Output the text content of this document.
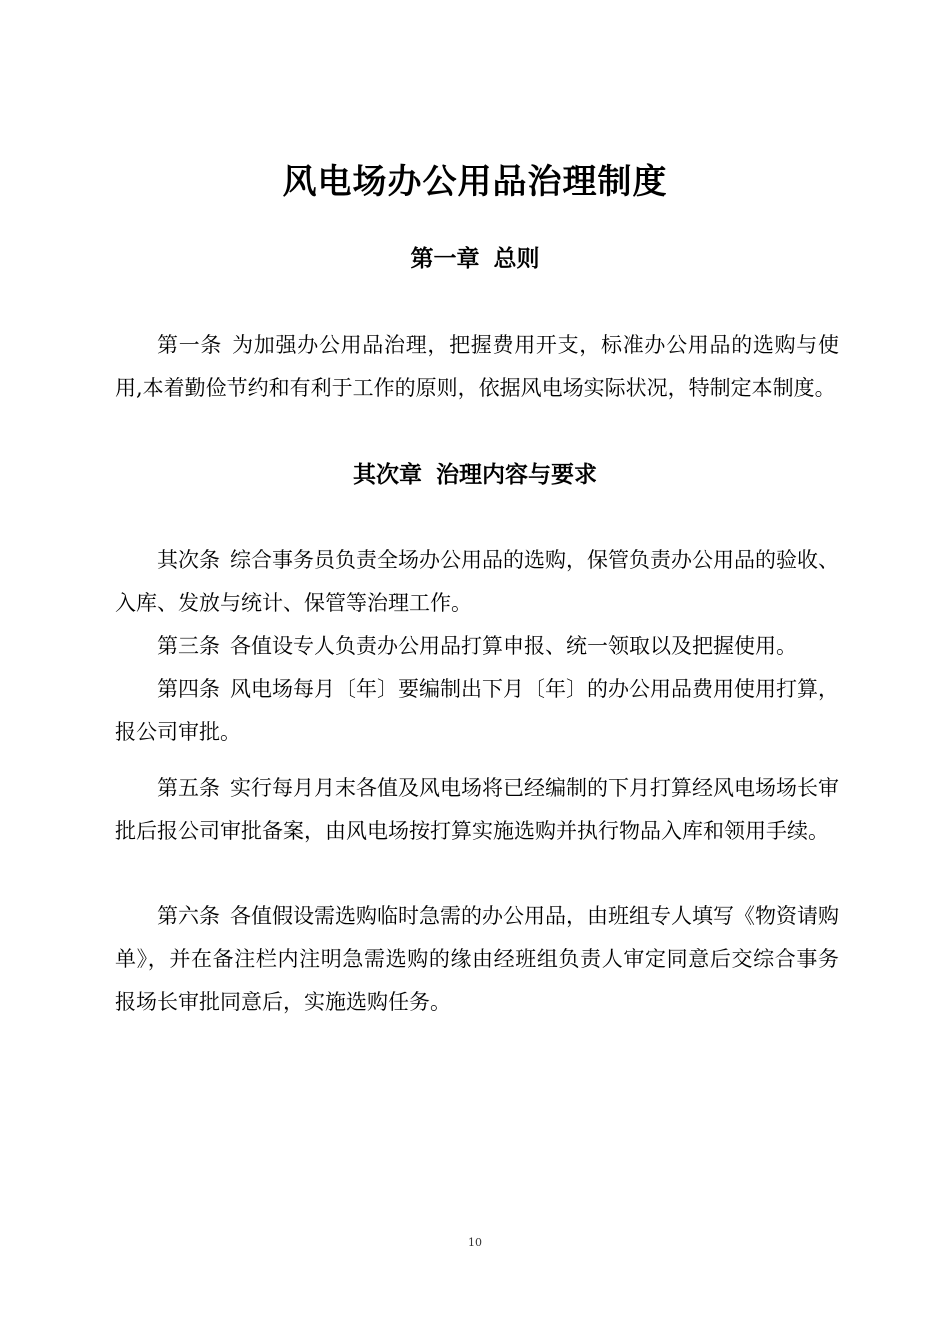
风电场办公用品治理制度
第一章 总则

第一条 为加强办公用品治理，把握费用开支，标准办公用品的选购与使用,本着勤俭节约和有利于工作的原则，依据风电场实际状况，特制定本制度。

其次章 治理内容与要求

其次条 综合事务员负责全场办公用品的选购，保管负责办公用品的验收、入库、发放与统计、保管等治理工作。

第三条 各值设专人负责办公用品打算申报、统一领取以及把握使用。

第四条 风电场每月〔年〕要编制出下月〔年〕的办公用品费用使用打算，报公司审批。

第五条 实行每月月末各值及风电场将已经编制的下月打算经风电场场长审批后报公司审批备案，由风电场按打算实施选购并执行物品入库和领用手续。

第六条 各值假设需选购临时急需的办公用品，由班组专人填写《物资请购单》，并在备注栏内注明急需选购的缘由经班组负责人审定同意后交综合事务报场长审批同意后，实施选购任务。

10
